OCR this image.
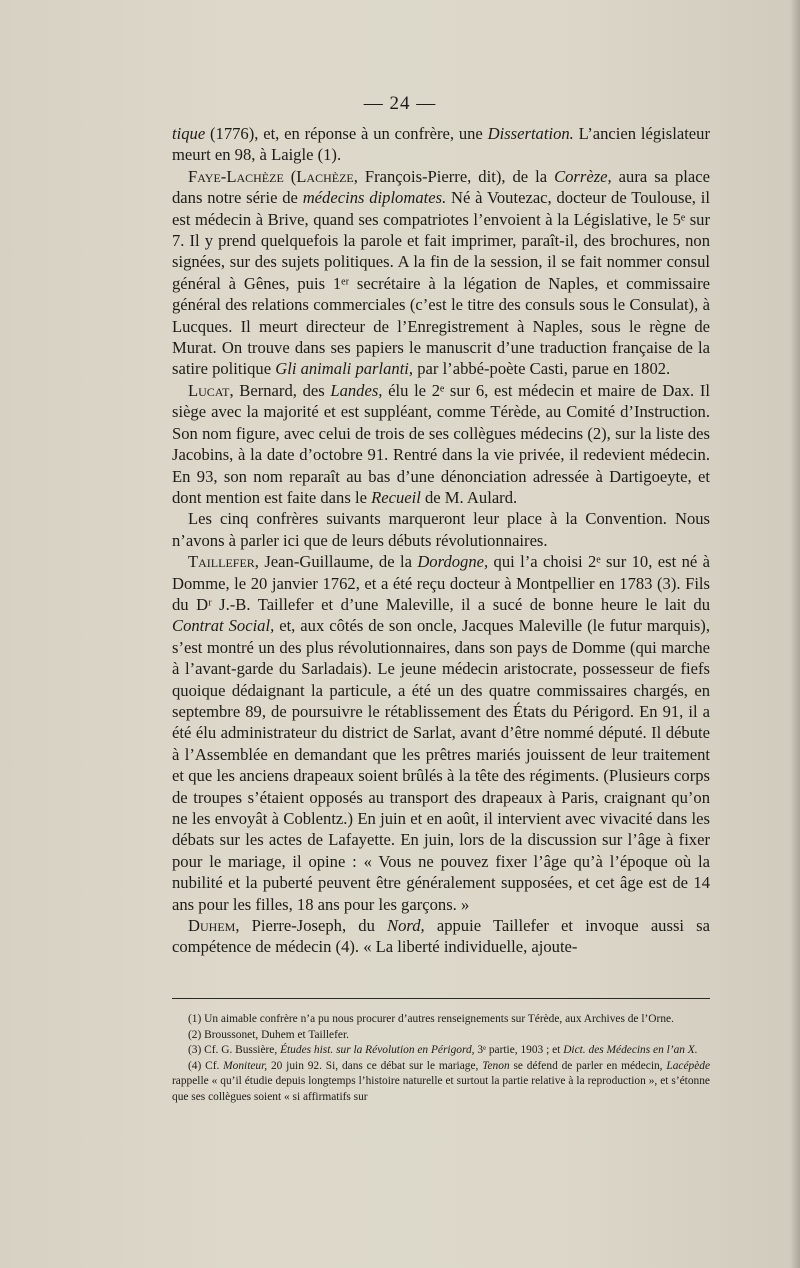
— 24 —

tique (1776), et, en réponse à un confrère, une Dissertation. L’ancien législateur meurt en 98, à Laigle (1).

Faye-Lachèze (Lachèze, François-Pierre, dit), de la Corrèze, aura sa place dans notre série de médecins diplomates. Né à Voutezac, docteur de Toulouse, il est médecin à Brive, quand ses compatriotes l’envoient à la Législative, le 5ᵉ sur 7. Il y prend quelquefois la parole et fait imprimer, paraît-il, des brochures, non signées, sur des sujets politiques. A la fin de la session, il se fait nommer consul général à Gênes, puis 1ᵉʳ secrétaire à la légation de Naples, et commissaire général des relations commerciales (c’est le titre des consuls sous le Consulat), à Lucques. Il meurt directeur de l’Enregistrement à Naples, sous le règne de Murat. On trouve dans ses papiers le manuscrit d’une traduction française de la satire politique Gli animali parlanti, par l’abbé-poète Casti, parue en 1802.

Lucat, Bernard, des Landes, élu le 2ᵉ sur 6, est médecin et maire de Dax. Il siège avec la majorité et est suppléant, comme Térède, au Comité d’Instruction. Son nom figure, avec celui de trois de ses collègues médecins (2), sur la liste des Jacobins, à la date d’octobre 91. Rentré dans la vie privée, il redevient médecin. En 93, son nom reparaît au bas d’une dénonciation adressée à Dartigoeyte, et dont mention est faite dans le Recueil de M. Aulard.

Les cinq confrères suivants marqueront leur place à la Convention. Nous n’avons à parler ici que de leurs débuts révolutionnaires.

Taillefer, Jean-Guillaume, de la Dordogne, qui l’a choisi 2ᵉ sur 10, est né à Domme, le 20 janvier 1762, et a été reçu docteur à Montpellier en 1783 (3). Fils du Dʳ J.-B. Taillefer et d’une Maleville, il a sucé de bonne heure le lait du Contrat Social, et, aux côtés de son oncle, Jacques Maleville (le futur marquis), s’est montré un des plus révolutionnaires, dans son pays de Domme (qui marche à l’avant-garde du Sarladais). Le jeune médecin aristocrate, possesseur de fiefs quoique dédaignant la particule, a été un des quatre commissaires chargés, en septembre 89, de poursuivre le rétablissement des États du Périgord. En 91, il a été élu administrateur du district de Sarlat, avant d’être nommé député. Il débute à l’Assemblée en demandant que les prêtres mariés jouissent de leur traitement et que les anciens drapeaux soient brûlés à la tête des régiments. (Plusieurs corps de troupes s’étaient opposés au transport des drapeaux à Paris, craignant qu’on ne les envoyât à Coblentz.) En juin et en août, il intervient avec vivacité dans les débats sur les actes de Lafayette. En juin, lors de la discussion sur l’âge à fixer pour le mariage, il opine : « Vous ne pouvez fixer l’âge qu’à l’époque où la nubilité et la puberté peuvent être généralement supposées, et cet âge est de 14 ans pour les filles, 18 ans pour les garçons. »

Duhem, Pierre-Joseph, du Nord, appuie Taillefer et invoque aussi sa compétence de médecin (4). « La liberté individuelle, ajoute-

(1) Un aimable confrère n’a pu nous procurer d’autres renseignements sur Térède, aux Archives de l’Orne.

(2) Broussonet, Duhem et Taillefer.

(3) Cf. G. Bussière, Études hist. sur la Révolution en Périgord, 3ᵉ partie, 1903 ; et Dict. des Médecins en l’an X.

(4) Cf. Moniteur, 20 juin 92. Si, dans ce débat sur le mariage, Tenon se défend de parler en médecin, Lacépède rappelle « qu’il étudie depuis longtemps l’histoire naturelle et surtout la partie relative à la reproduction », et s’étonne que ses collègues soient « si affirmatifs sur
